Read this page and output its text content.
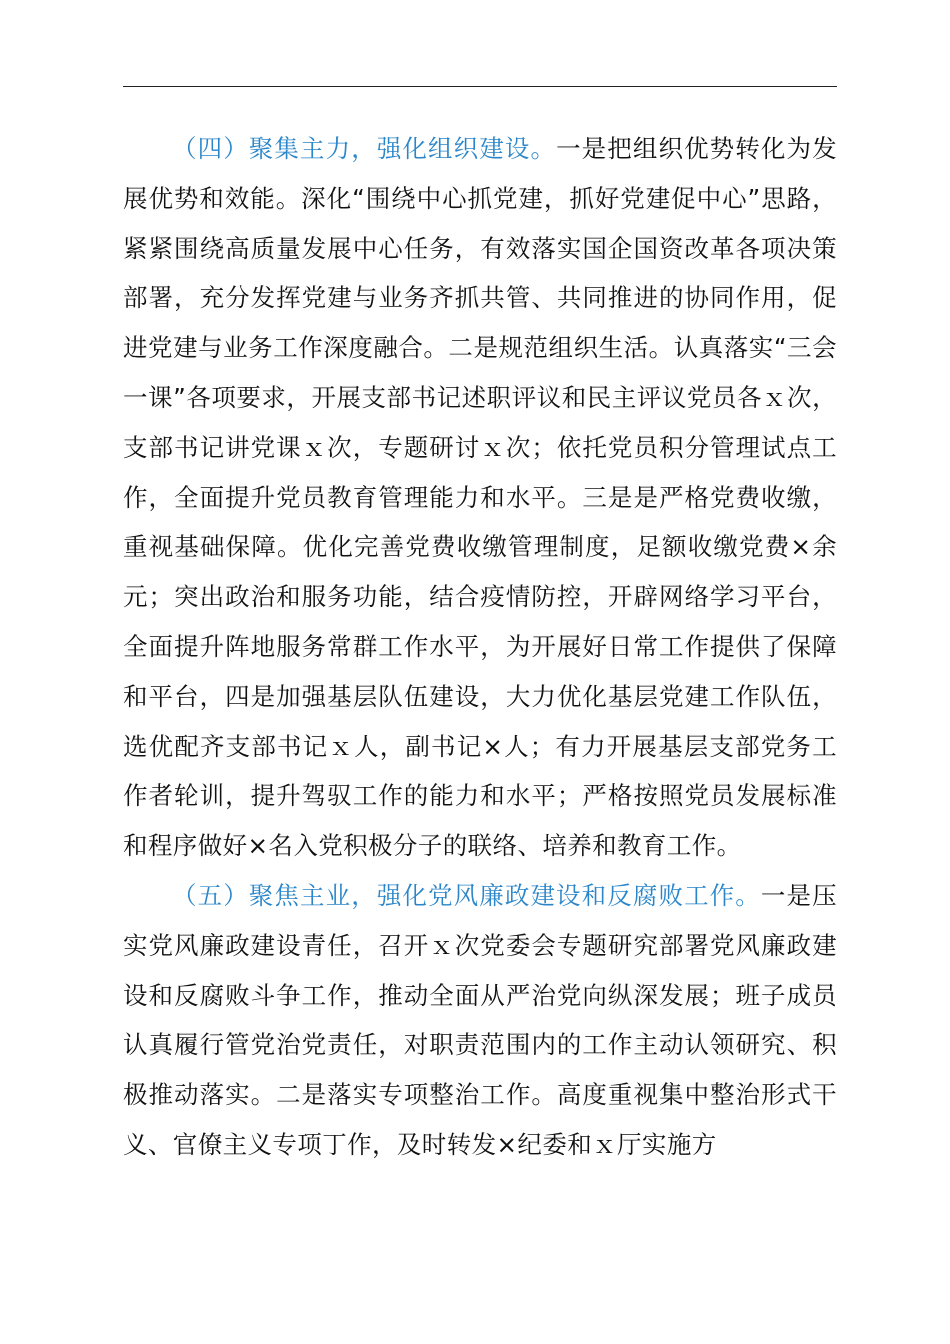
（四）聚集主力，强化组织建设。一是把组织优势转化为发展优势和效能。深化“围绕中心抓党建，抓好党建促中心”思路，紧紧围绕高质量发展中心任务，有效落实国企国资改革各项决策部署，充分发挥党建与业务齐抓共管、共同推进的协同作用，促进党建与业务工作深度融合。二是规范组织生活。认真落实“三会一课”各项要求，开展支部书记述职评议和民主评议党员各ｘ次，支部书记讲党课ｘ次，专题研讨ｘ次；依托党员积分管理试点工作，全面提升党员教育管理能力和水平。三是是严格党费收缴，重视基础保障。优化完善党费收缴管理制度，足额收缴党费×余元；突出政治和服务功能，结合疫情防控，开辟网络学习平台，全面提升阵地服务常群工作水平，为开展好日常工作提供了保障和平台，四是加强基层队伍建设，大力优化基层党建工作队伍，选优配齐支部书记ｘ人，副书记×人；有力开展基层支部党务工作者轮训，提升驾驭工作的能力和水平；严格按照党员发展标准和程序做好×名入党积极分子的联络、培养和教育工作。

（五）聚焦主业，强化党风廉政建设和反腐败工作。一是压实党风廉政建设青任，召开ｘ次党委会专题研究部署党风廉政建设和反腐败斗争工作，推动全面从严治党向纵深发展；班子成员认真履行管党治党责任，对职责范围内的工作主动认领研究、积极推动落实。二是落实专项整治工作。高度重视集中整治形式干义、官僚主义专项丁作，及时转发×纪委和ｘ厅实施方
